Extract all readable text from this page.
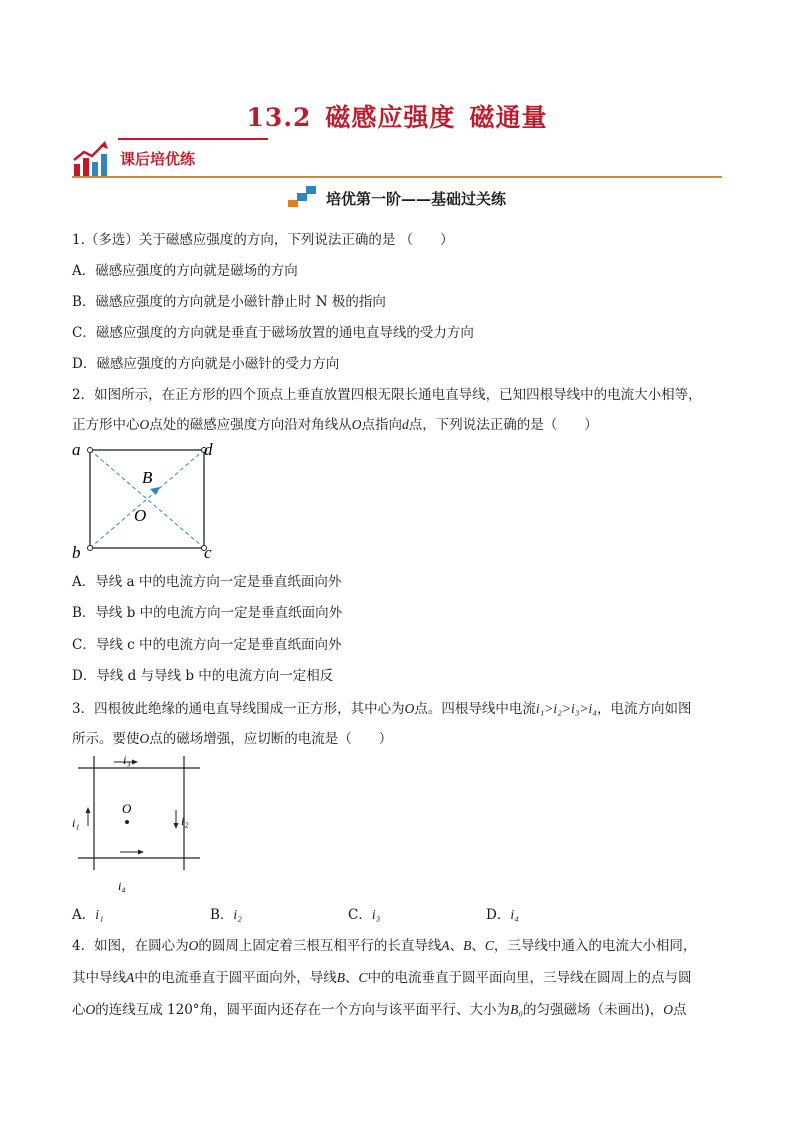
13.2 磁感应强度 磁通量
课后培优练
培优第一阶——基础过关练
1.（多选）关于磁感应强度的方向，下列说法正确的是 （　　）
A．磁感应强度的方向就是磁场的方向
B．磁感应强度的方向就是小磁针静止时 N 极的指向
C．磁感应强度的方向就是垂直于磁场放置的通电直导线的受力方向
D．磁感应强度的方向就是小磁针的受力方向
2．如图所示，在正方形的四个顶点上垂直放置四根无限长通电直导线，已知四根导线中的电流大小相等，
正方形中心O点处的磁感应强度方向沿对角线从O点指向d点，下列说法正确的是（　　）
a	d
b	c
B
O
A．导线 a 中的电流方向一定是垂直纸面向外
B．导线 b 中的电流方向一定是垂直纸面向外
C．导线 c 中的电流方向一定是垂直纸面向外
D．导线 d 与导线 b 中的电流方向一定相反
3．四根彼此绝缘的通电直导线围成一正方形，其中心为O点。四根导线中电流i₁>i₂>i₃>i₄，电流方向如图
所示。要使O点的磁场增强，应切断的电流是（　　）
O
i₃
i₄
i₁	i₂
A．i₁	B．i₂	C．i₃	D．i₄
4．如图，在圆心为O的圆周上固定着三根互相平行的长直导线A、B、C，三导线中通入的电流大小相同，
其中导线A中的电流垂直于圆平面向外，导线B、C中的电流垂直于圆平面向里，三导线在圆周上的点与圆
心O的连线互成 120°角，圆平面内还存在一个方向与该平面平行、大小为B₀的匀强磁场（未画出)，O点
